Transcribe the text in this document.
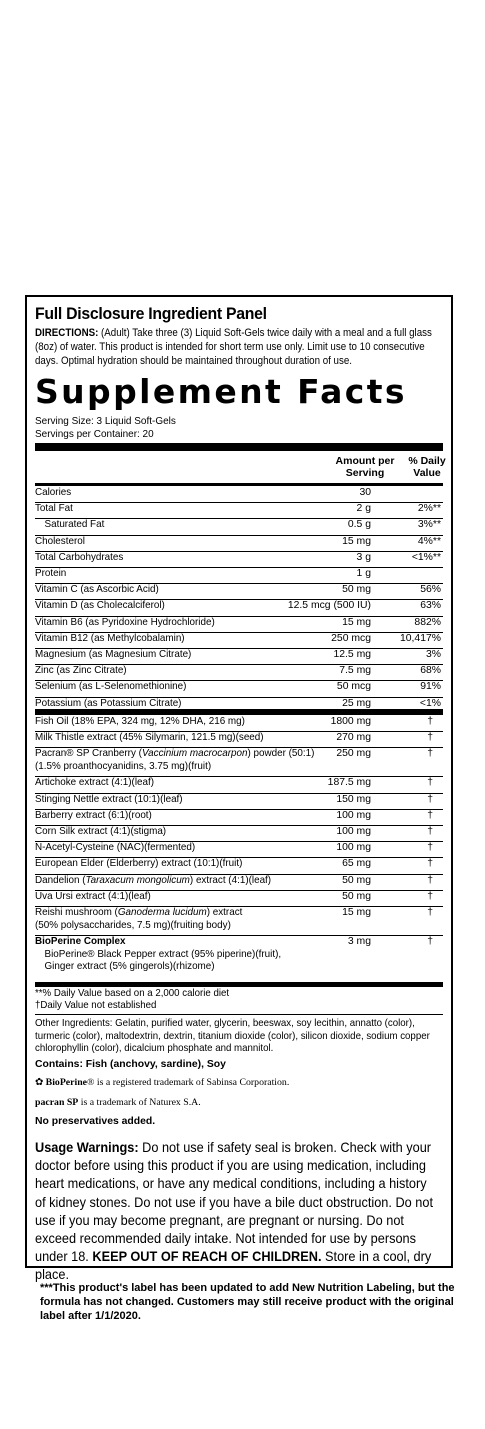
Full Disclosure Ingredient Panel
DIRECTIONS: (Adult) Take three (3) Liquid Soft-Gels twice daily with a meal and a full glass (8oz) of water. This product is intended for short term use only. Limit use to 10 consecutive days. Optimal hydration should be maintained throughout duration of use.
Supplement Facts
Serving Size: 3 Liquid Soft-Gels
Servings per Container: 20
Amount per
Serving
% Daily
Value
Calories	30
Total Fat	2 g	2%**
Saturated Fat	0.5 g	3%**
Cholesterol	15 mg	4%**
Total Carbohydrates	3 g	<1%**
Protein	1 g
Vitamin C (as Ascorbic Acid)	50 mg	56%
Vitamin D (as Cholecalciferol)	12.5 mcg (500 IU)	63%
Vitamin B6 (as Pyridoxine Hydrochloride)	15 mg	882%
Vitamin B12 (as Methylcobalamin)	250 mcg	10,417%
Magnesium (as Magnesium Citrate)	12.5 mg	3%
Zinc (as Zinc Citrate)	7.5 mg	68%
Selenium (as L-Selenomethionine)	50 mcg	91%
Potassium (as Potassium Citrate)	25 mg	<1%
Fish Oil (18% EPA, 324 mg, 12% DHA, 216 mg)	1800 mg	†
Milk Thistle extract (45% Silymarin, 121.5 mg)(seed)	270 mg	†
Pacran® SP Cranberry (Vaccinium macrocarpon) powder (50:1)
(1.5% proanthocyanidins, 3.75 mg)(fruit)
250 mg	†
Artichoke extract (4:1)(leaf)	187.5 mg	†
Stinging Nettle extract (10:1)(leaf)	150 mg	†
Barberry extract (6:1)(root)	100 mg	†
Corn Silk extract (4:1)(stigma)	100 mg	†
N-Acetyl-Cysteine (NAC)(fermented)	100 mg	†
European Elder (Elderberry) extract (10:1)(fruit)	65 mg	†
Dandelion (Taraxacum mongolicum) extract (4:1)(leaf)	50 mg	†
Uva Ursi extract (4:1)(leaf)	50 mg	†
Reishi mushroom (Ganoderma lucidum) extract
(50% polysaccharides, 7.5 mg)(fruiting body)
15 mg	†
BioPerine Complex
BioPerine® Black Pepper extract (95% piperine)(fruit),
Ginger extract (5% gingerols)(rhizome)
3 mg	†
**% Daily Value based on a 2,000 calorie diet
†Daily Value not established
Other Ingredients: Gelatin, purified water, glycerin, beeswax, soy lecithin, annatto (color), turmeric (color), maltodextrin, dextrin, titanium dioxide (color), silicon dioxide, sodium copper chlorophyllin (color), dicalcium phosphate and mannitol.
Contains: Fish (anchovy, sardine), Soy
✿ BioPerine® is a registered trademark of Sabinsa Corporation.
pacran SP is a trademark of Naturex S.A.
No preservatives added.
Usage Warnings: Do not use if safety seal is broken. Check with your doctor before using this product if you are using medication, including heart medications, or have any medical conditions, including a history of kidney stones. Do not use if you have a bile duct obstruction. Do not use if you may become pregnant, are pregnant or nursing. Do not exceed recommended daily intake. Not intended for use by persons under 18. KEEP OUT OF REACH OF CHILDREN. Store in a cool, dry place.
***This product's label has been updated to add New Nutrition Labeling, but the formula has not changed. Customers may still receive product with the original label after 1/1/2020.
